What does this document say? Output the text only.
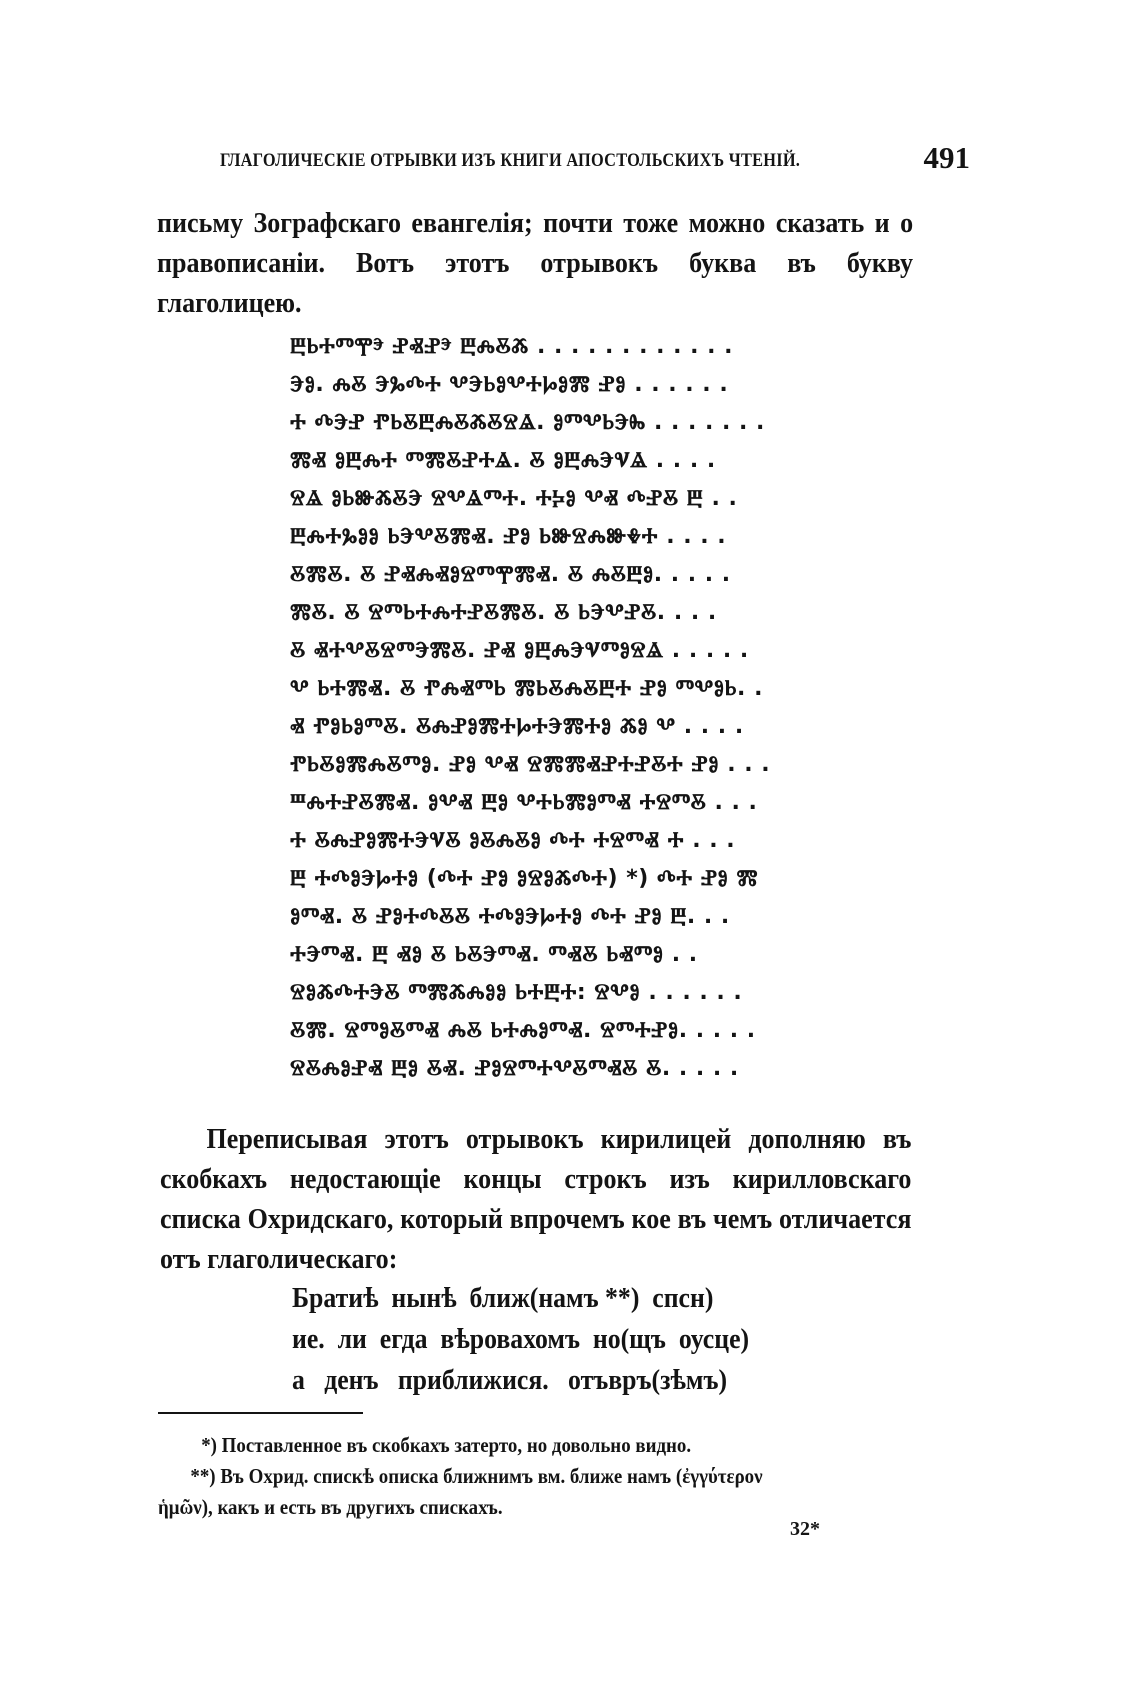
ГЛАГОЛИЧЕСКІЕ ОТРЫВКИ ИЗЪ КНИГИ АПОСТОЛЬСКИХЪ ЧТЕНІЙ.	491

письму Зографскаго евангелія; почти тоже можно сказать и о правописаніи. Вотъ этотъ отрывокъ буква въ букву глаголицею.

ⰁⰓⰀⰕⰉⰵ ⰐⰟⰐⰵ ⰁⰎⰋⰆ . . . . . . . . . . . .
ⰅⰑ. ⰎⰋ ⰅⰃⰄⰀ ⰂⰅⰓⰑⰂⰀⰘⰑⰏ ⰐⰑ . . . . . .
Ⰰ ⰄⰅⰐ ⰒⰓⰋⰁⰎⰋⰆⰋⰔⰡ. ⰑⰕⰂⰓⰅⰈ . . . . . . .
ⰏⰟ ⰑⰁⰎⰀ ⰕⰏⰋⰐⰀⰡ. Ⰻ ⰑⰁⰎⰅⰜⰡ . . . .
ⰔⰡ ⰑⰓⰖⰆⰋⰅ ⰔⰂⰡⰕⰀ. ⰀⰍⰑ ⰂⰟ ⰄⰐⰋ Ⰱ . .
ⰁⰎⰀⰃⰑⰑ ⰓⰅⰂⰋⰏⰟ. ⰐⰑ ⰓⰖⰔⰎⰖⰇⰀ . . . .
ⰋⰏⰋ. Ⰻ ⰐⰟⰎⰟⰑⰔⰕⰉⰏⰟ. Ⰻ ⰎⰋⰁⰑ. . . . .
ⰏⰋ. Ⰻ ⰔⰕⰓⰀⰎⰀⰐⰋⰏⰋ. Ⰻ ⰓⰅⰂⰐⰋ. . . .
Ⰻ ⰟⰀⰂⰋⰔⰕⰅⰏⰋ. ⰐⰟ ⰑⰁⰎⰅⰜⰕⰑⰔⰡ . . . . .
Ⰲ ⰓⰀⰏⰟ. Ⰻ ⰒⰎⰟⰕⰓ ⰏⰓⰋⰎⰋⰁⰀ ⰐⰑ ⰕⰂⰑⰓ. .
Ⱏ ⰒⰑⰓⰑⰕⰋ. ⰋⰎⰐⰑⰏⰀⰘⰀⰅⰏⰀⰑ ⰆⰑ Ⰲ . . . .
ⰒⰓⰋⰑⰏⰎⰋⰕⰑ. ⰐⰑ ⰂⰟ ⰔⰏⰏⰟⰐⰀⰐⰋⰀ ⰐⰑ . . .
ⰞⰎⰀⰐⰋⰏⰟ. ⰑⰂⰟ ⰁⰑ ⰂⰀⰓⰏⰑⰕⰟ ⰀⰔⰕⰋ . . .
Ⰰ ⰋⰎⰐⰑⰏⰀⰅⰜⰋ ⰑⰋⰎⰋⰑ ⰄⰀ ⰀⰔⰕⰟ Ⰰ . . .
Ⰱ ⰀⰄⰑⰅⰘⰀⰑ (ⰄⰀ ⰐⰑ ⰑⰔⰑⰆⰄⰀ) *) ⰄⰀ ⰐⰑ Ⰿ
ⰑⰕⰟ. Ⰻ ⰐⰑⰀⰄⰋⰋ ⰀⰄⰑⰅⰘⰀⰑ ⰄⰀ ⰐⰑ Ⰱ. . .
ⰀⰅⰕⰟ. Ⰱ ⰟⰑ Ⰻ ⰓⰋⰅⰕⰟ. ⰕⰟⰋ ⰓⰟⰕⰑ . .
ⰔⰑⰆⰄⰀⰅⰋ ⰕⰏⰆⰎⰑⰑ ⰓⰀⰁⰀ: ⰔⰂⰑ . . . . . .
ⰋⰏ. ⰔⰕⰑⰋⰕⰟ ⰎⰋ ⰓⰀⰎⰑⰕⰟ. ⰔⰕⰀⰐⰑ. . . . .
ⰔⰋⰎⰑⰐⰟ ⰁⰑ ⰋⰟ. ⰐⰑⰔⰕⰀⰂⰋⰕⰟⰋ Ⰻ. . . . .

Переписывая этотъ отрывокъ кирилицей дополняю въ скобкахъ недостающіе концы строкъ изъ кирилловскаго списка Охридскаго, который впрочемъ кое въ чемъ отличается отъ глаголическаго:

Братиѣ  нынѣ  ближ(намъ **)  спсн)
ие.  ли  егда  вѣровахомъ  но(щъ  оусце)
а   денъ   приближися.   отъвръ(зѣмъ)

*) Поставленное въ скобкахъ затерто, но довольно видно.

**) Въ Охрид. спискѣ описка ближнимъ вм. ближе намъ (ἐγγύτερον

ἡμῶν), какъ и есть въ другихъ спискахъ.

32*
